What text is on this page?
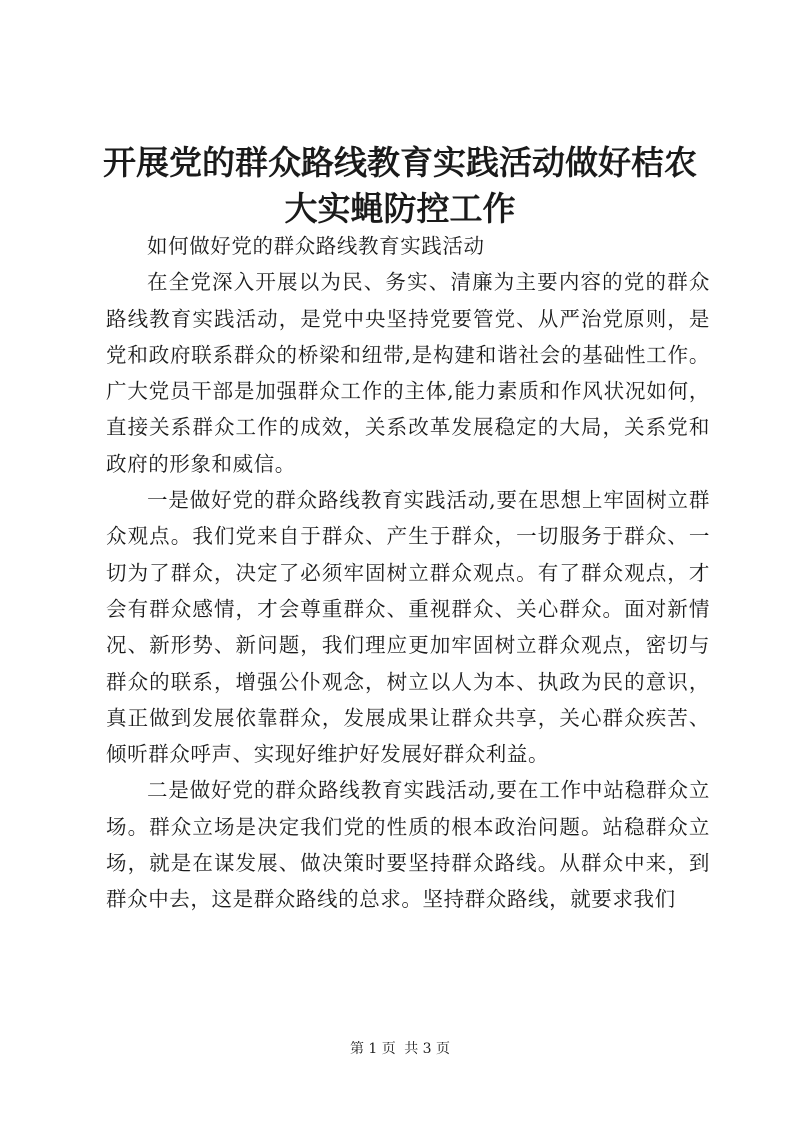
开展党的群众路线教育实践活动做好桔农大实蝇防控工作

如何做好党的群众路线教育实践活动

在全党深入开展以为民、务实、清廉为主要内容的党的群众路线教育实践活动，是党中央坚持党要管党、从严治党原则，是党和政府联系群众的桥梁和纽带,是构建和谐社会的基础性工作。广大党员干部是加强群众工作的主体,能力素质和作风状况如何，直接关系群众工作的成效，关系改革发展稳定的大局，关系党和政府的形象和威信。

一是做好党的群众路线教育实践活动,要在思想上牢固树立群众观点。我们党来自于群众、产生于群众，一切服务于群众、一切为了群众，决定了必须牢固树立群众观点。有了群众观点，才会有群众感情，才会尊重群众、重视群众、关心群众。面对新情况、新形势、新问题，我们理应更加牢固树立群众观点，密切与群众的联系，增强公仆观念，树立以人为本、执政为民的意识，真正做到发展依靠群众，发展成果让群众共享，关心群众疾苦、倾听群众呼声、实现好维护好发展好群众利益。

二是做好党的群众路线教育实践活动,要在工作中站稳群众立场。群众立场是决定我们党的性质的根本政治问题。站稳群众立场，就是在谋发展、做决策时要坚持群众路线。从群众中来，到群众中去，这是群众路线的总求。坚持群众路线，就要求我们

第 1 页 共 3 页
